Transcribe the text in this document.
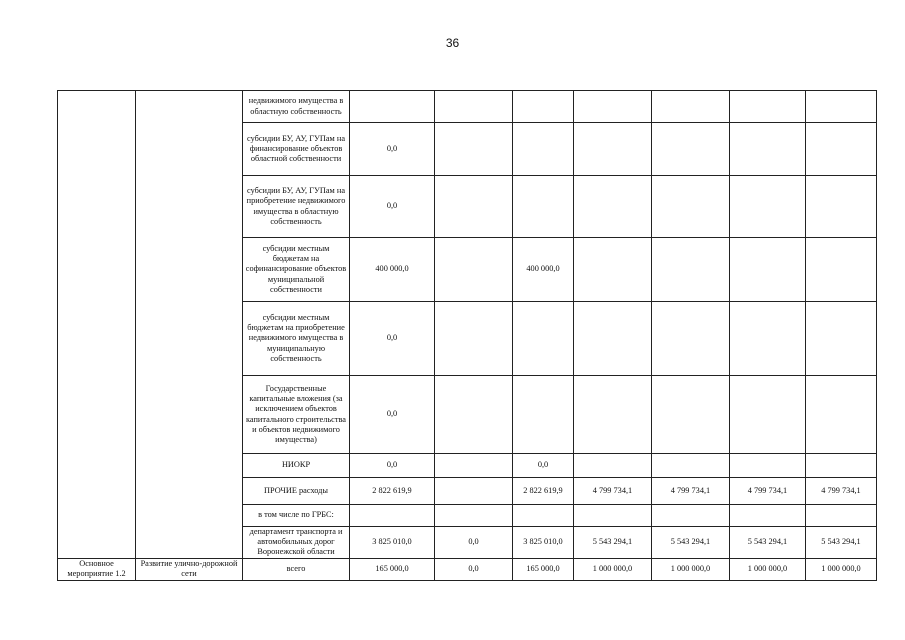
36
		недвижимого имущества в областную собственность							
		субсидии БУ, АУ, ГУПам на финансирование объектов областной собственности	0,0						
		субсидии БУ, АУ, ГУПам на приобретение недвижимого имущества в областную собственность	0,0						
		субсидии местным бюджетам на софинансирование объектов муниципальной собственности	400 000,0		400 000,0				
		субсидии местным бюджетам на приобретение недвижимого имущества в муниципальную собственность	0,0						
		Государственные капитальные вложения (за исключением объектов капитального строительства и объектов недвижимого имущества)	0,0						
		НИОКР	0,0		0,0				
		ПРОЧИЕ расходы	2 822 619,9		2 822 619,9	4 799 734,1	4 799 734,1	4 799 734,1	4 799 734,1
		в том числе по ГРБС:							
		департамент транспорта и автомобильных дорог Воронежской области	3 825 010,0	0,0	3 825 010,0	5 543 294,1	5 543 294,1	5 543 294,1	5 543 294,1
Основное мероприятие 1.2	Развитие улично-дорожной сети	всего	165 000,0	0,0	165 000,0	1 000 000,0	1 000 000,0	1 000 000,0	1 000 000,0
